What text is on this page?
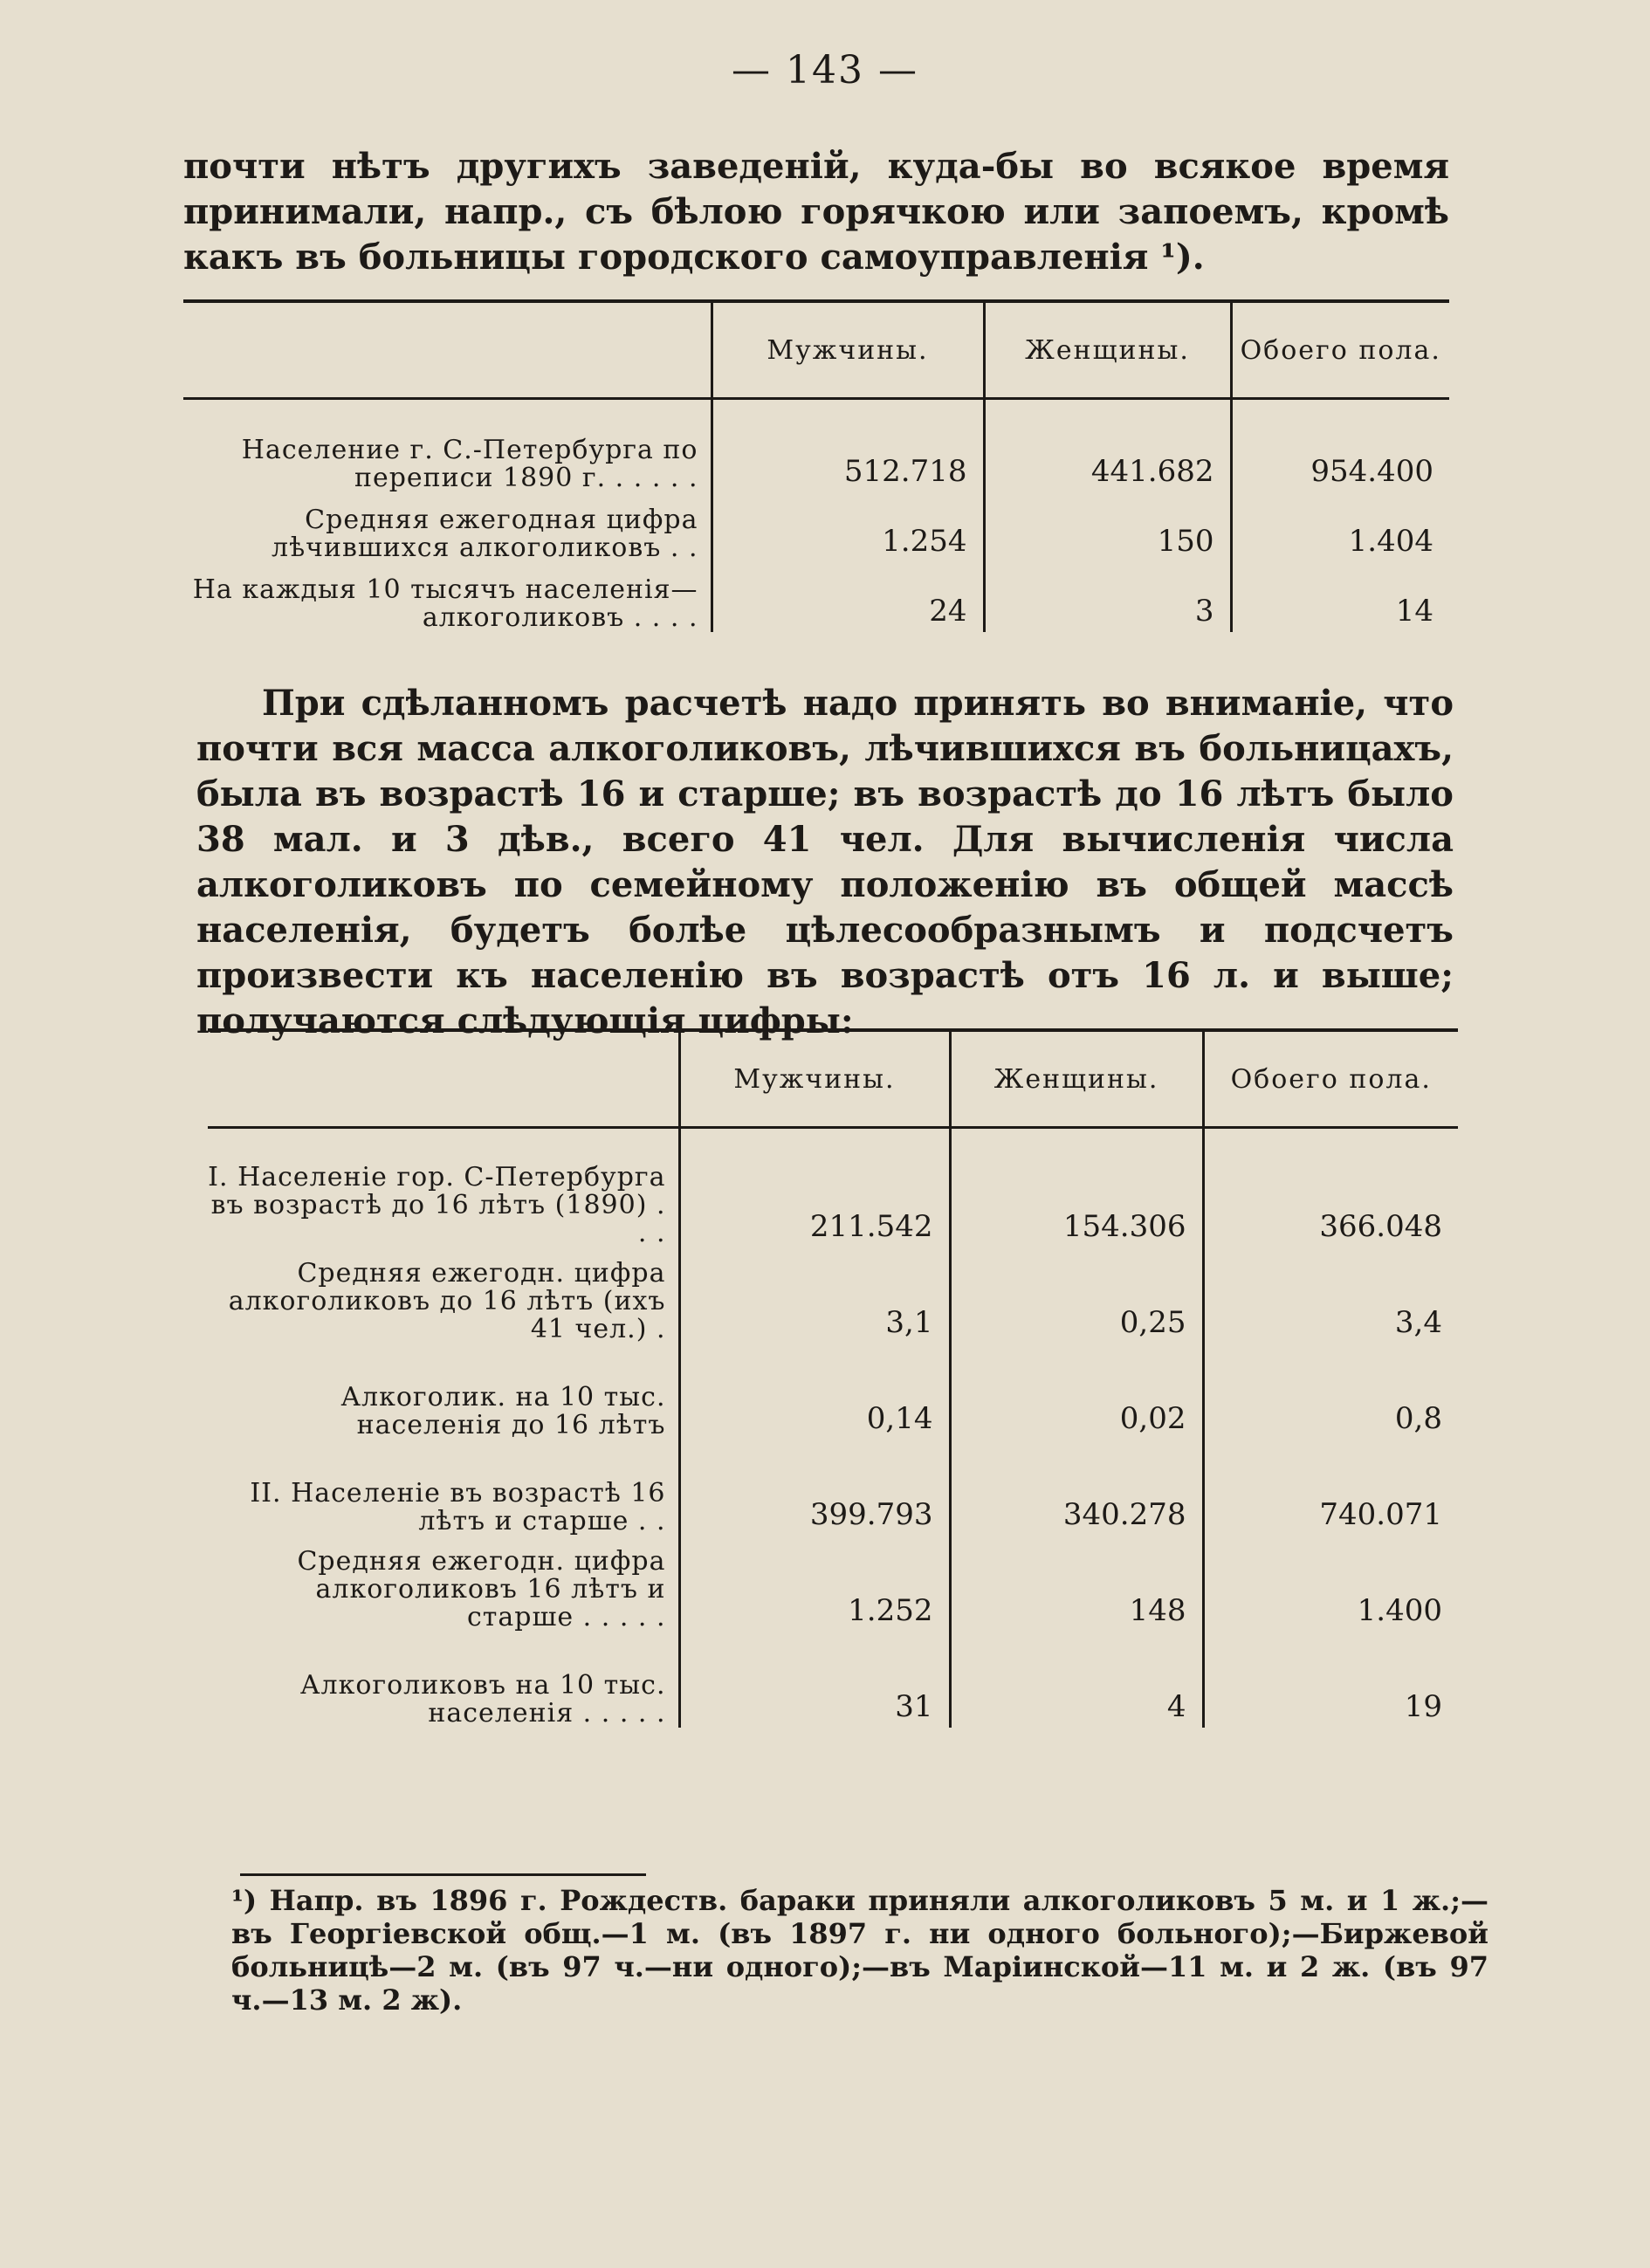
— 143 —
почти нѣтъ другихъ заведеній, куда-бы во всякое время принимали, напр., съ бѣлою горячкою или запоемъ, кромѣ какъ въ больницы городского самоуправленія ¹).
	Мужчины.	Женщины.	Обоего пола.

Население г. С.-Петербурга по переписи 1890 г. . . . . .	512.718	441.682	954.400
Средняя ежегодная цифра лѣчившихся алкоголиковъ . .	1.254	150	1.404
На каждыя 10 тысячъ населенія—алкоголиковъ . . . .	24	3	14
При сдѣланномъ расчетѣ надо принять во вниманіе, что почти вся масса алкоголиковъ, лѣчившихся въ больницахъ, была въ возрастѣ 16 и старше; въ возрастѣ до 16 лѣтъ было 38 мал. и 3 дѣв., всего 41 чел. Для вычисленія числа алкоголиковъ по семейному положенію въ общей массѣ населенія, будетъ болѣе цѣлесообразнымъ и подсчетъ произвести къ населенію въ возрастѣ отъ 16 л. и выше; получаются слѣдующія цифры:
	Мужчины.	Женщины.	Обоего пола.

I. Населеніе гор. С-Петербурга въ возрастѣ до 16 лѣтъ (1890) . . .	211.542	154.306	366.048
Средняя ежегодн. цифра алкоголиковъ до 16 лѣтъ (ихъ 41 чел.) .	3,1	0,25	3,4
Алкоголик. на 10 тыс. населенія до 16 лѣтъ	0,14	0,02	0,8
II. Населеніе въ возрастѣ 16 лѣтъ и старше . .	399.793	340.278	740.071
Средняя ежегодн. цифра алкоголиковъ 16 лѣтъ и старше . . . . .	1.252	148	1.400
Алкоголиковъ на 10 тыс. населенія . . . . .	31	4	19
¹) Напр. въ 1896 г. Рождеств. бараки приняли алкоголиковъ 5 м. и 1 ж.;—въ Георгіевской общ.—1 м. (въ 1897 г. ни одного больного);—Биржевой больницѣ—2 м. (въ 97 ч.—ни одного);—въ Маріинской—11 м. и 2 ж. (въ 97 ч.—13 м. 2 ж).
